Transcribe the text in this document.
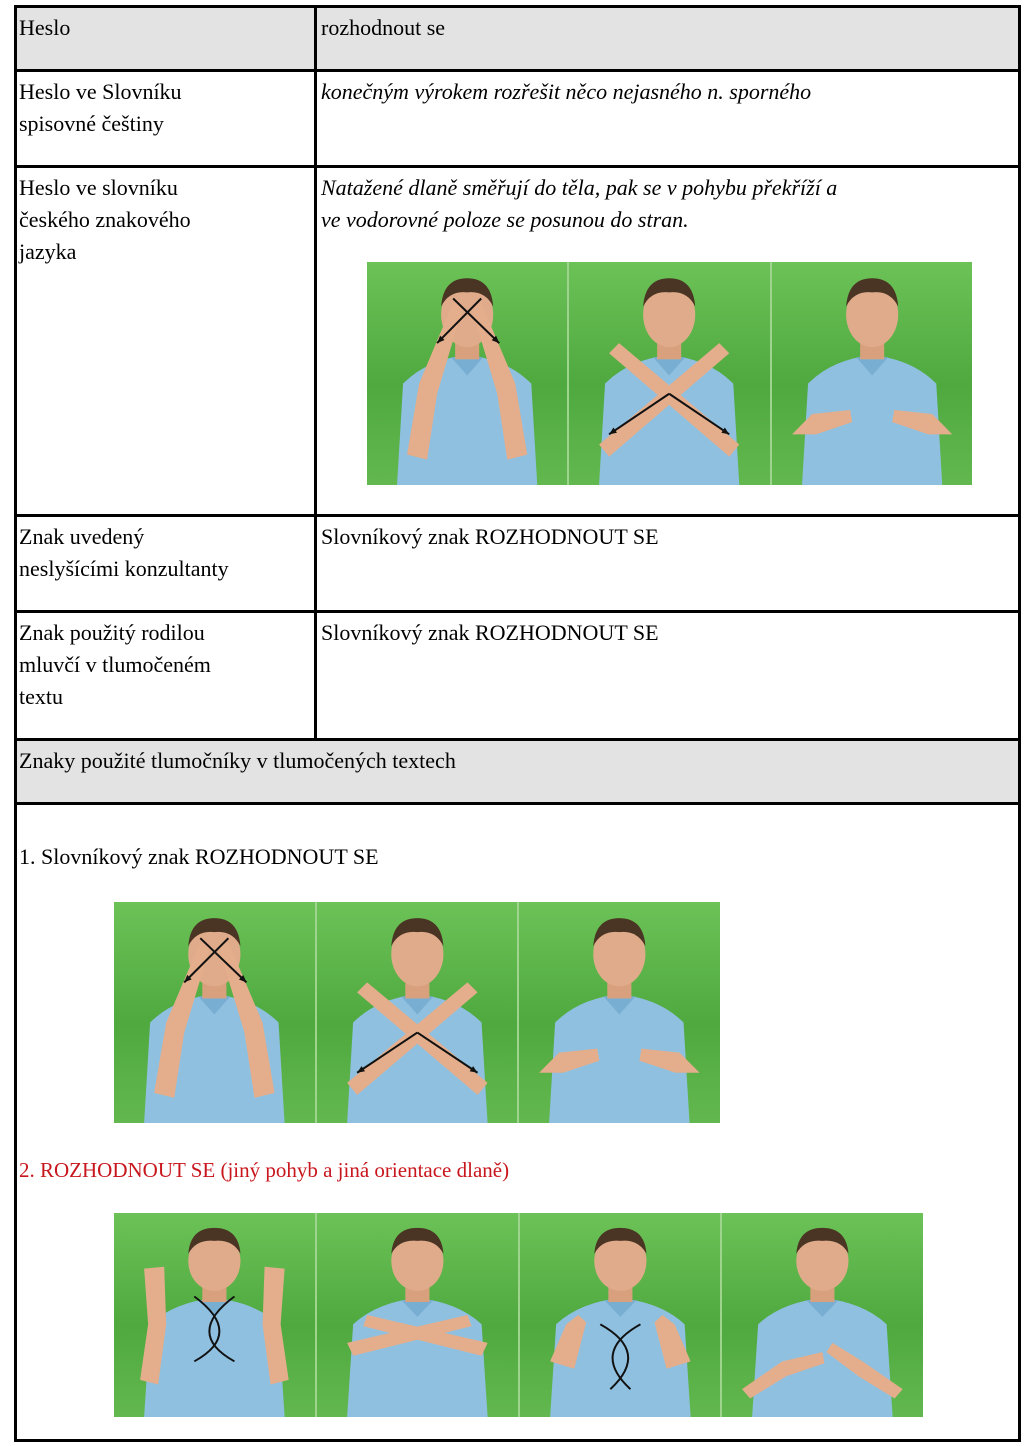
Heslo	rozhodnout se
Heslo ve Slovníku
spisovné češtiny
konečným výrokem rozřešit něco nejasného n. sporného
Heslo ve slovníku
českého znakového
jazyka
Natažené dlaně směřují do těla, pak se v pohybu překříží a
ve vodorovné poloze se posunou do stran.
Znak uvedený
neslyšícími konzultanty
Slovníkový znak ROZHODNOUT SE
Znak použitý rodilou
mluvčí v tlumočeném
textu
Slovníkový znak ROZHODNOUT SE
Znaky použité tlumočníky v tlumočených textech
1. Slovníkový znak ROZHODNOUT SE
2. ROZHODNOUT SE (jiný pohyb a jiná orientace dlaně)
